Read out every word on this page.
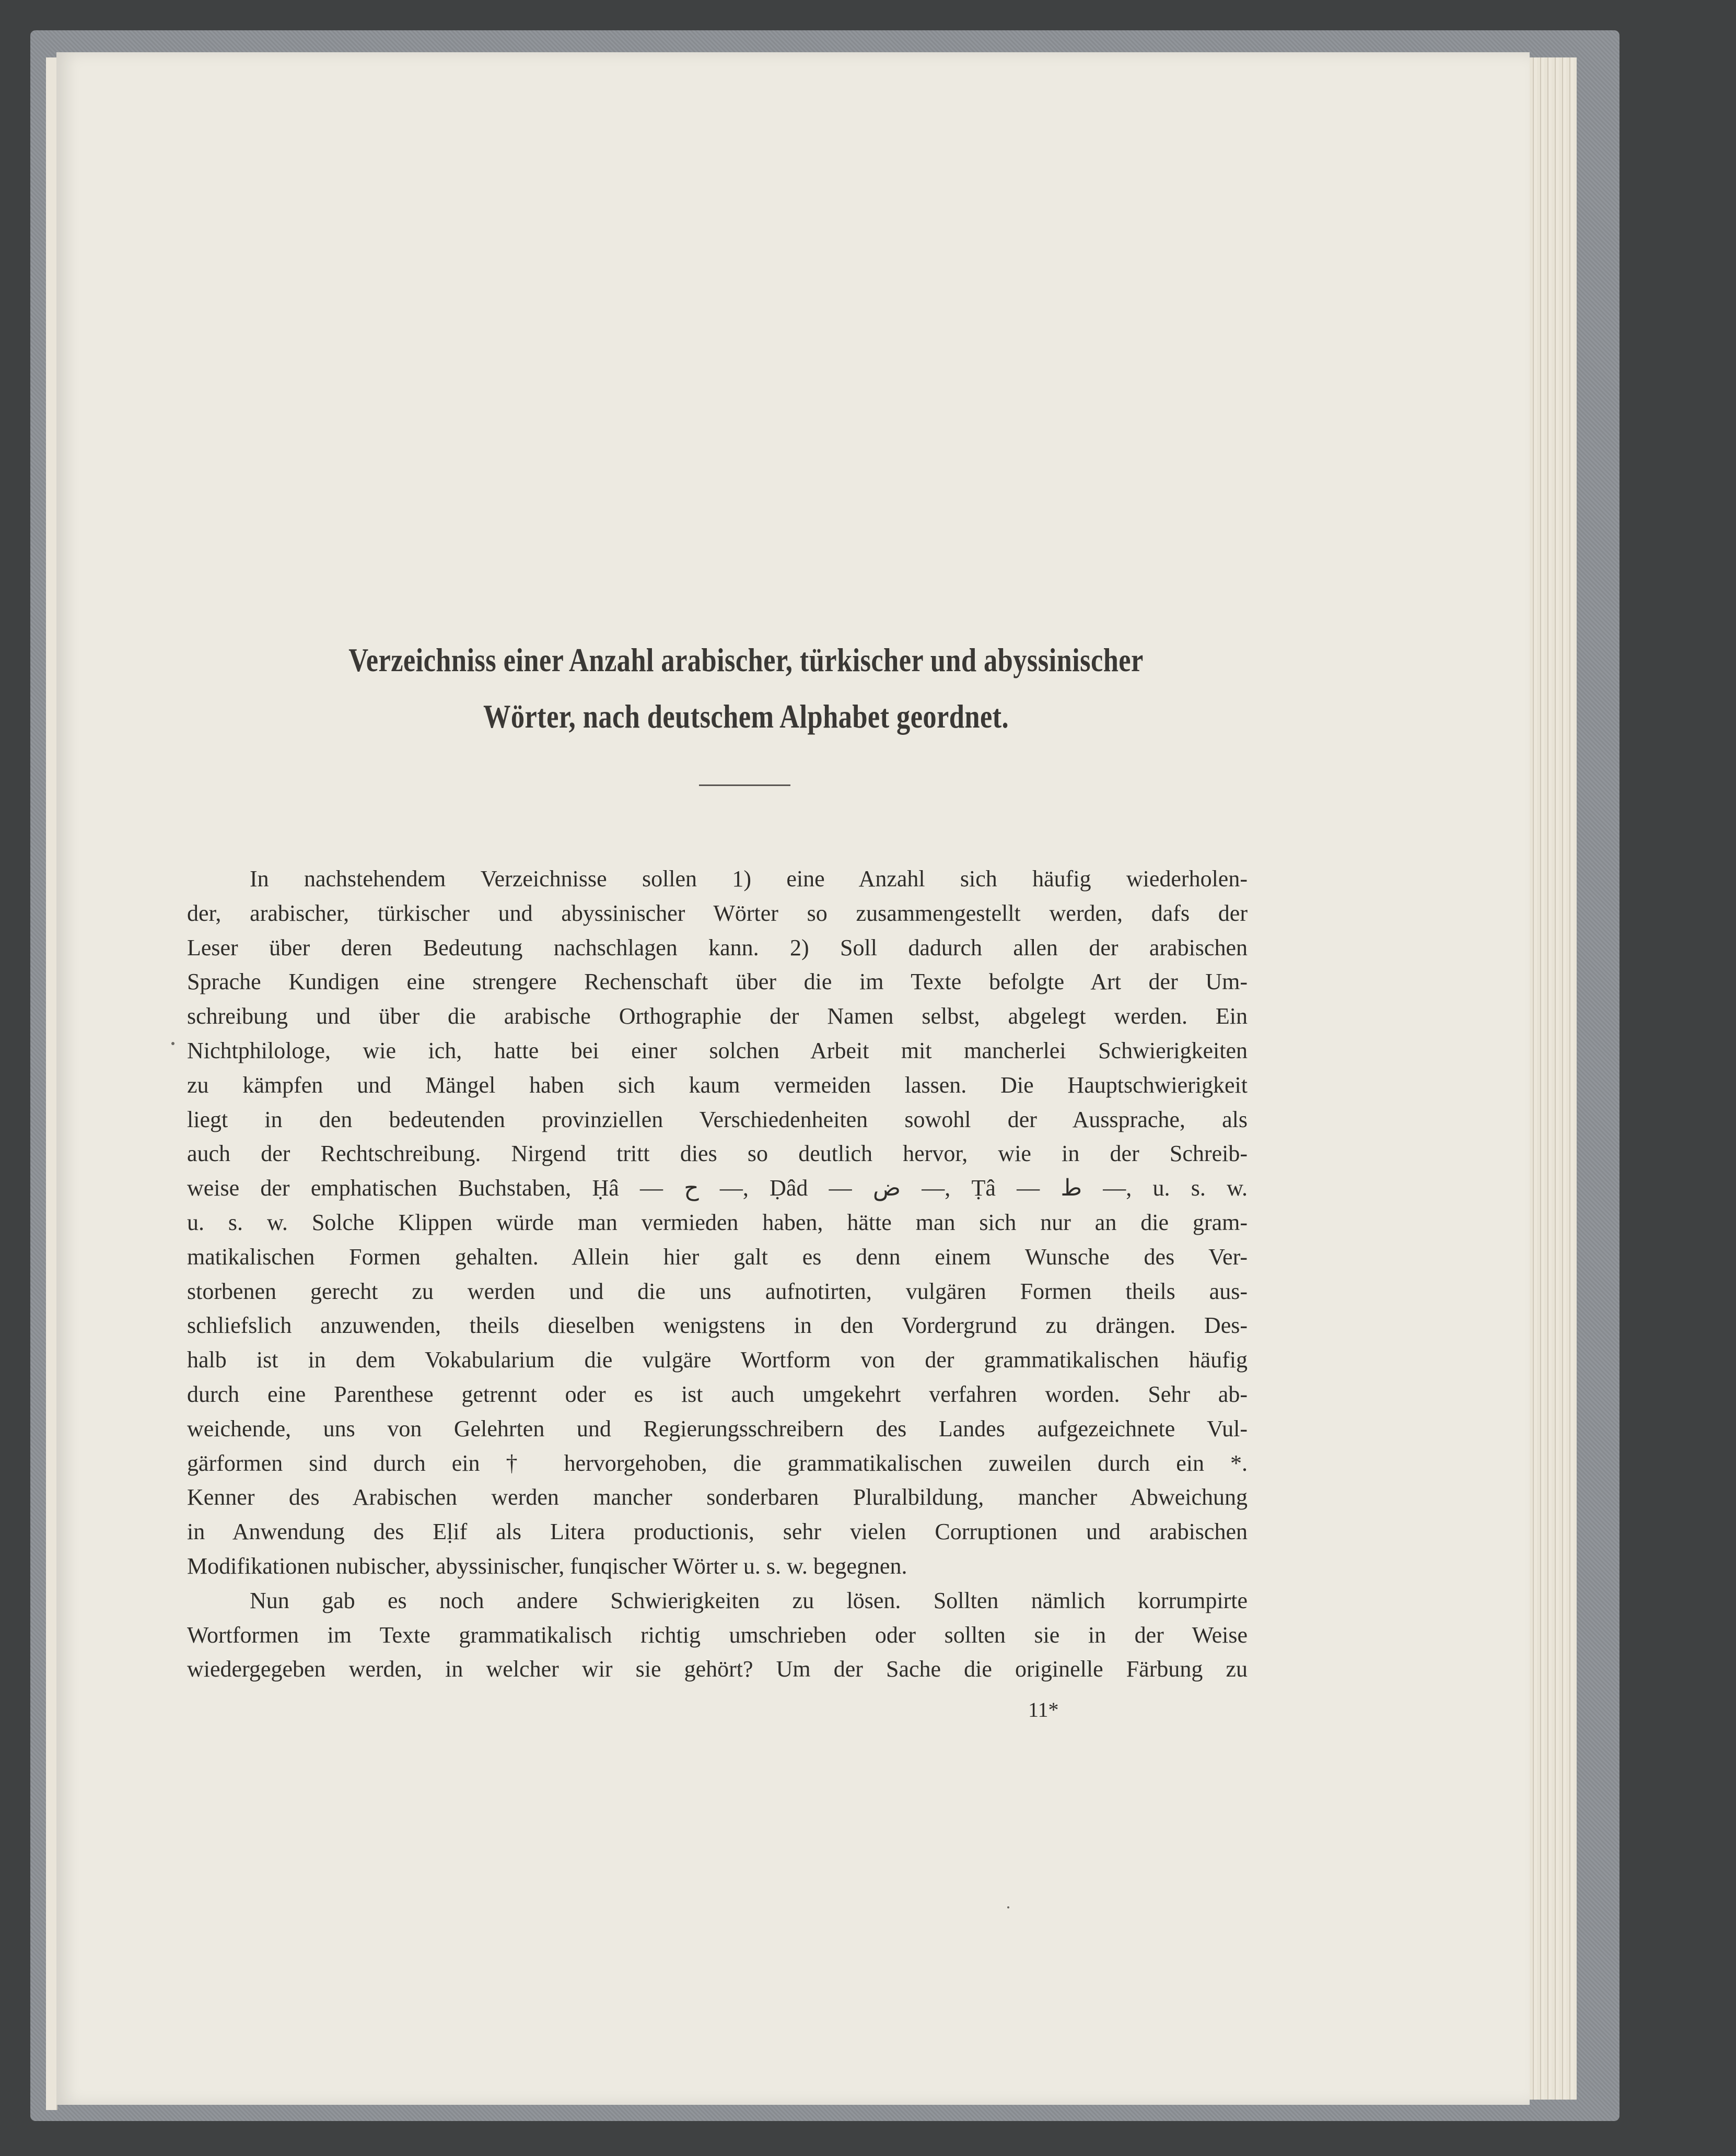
Verzeichniss einer Anzahl arabischer, türkischer und abyssinischer
Wörter, nach deutschem Alphabet geordnet.
In nachstehendem Verzeichnisse sollen 1) eine Anzahl sich häufig wiederholen-
der, arabischer, türkischer und abyssinischer Wörter so zusammengestellt werden, dafs der
Leser über deren Bedeutung nachschlagen kann. 2) Soll dadurch allen der arabischen
Sprache Kundigen eine strengere Rechenschaft über die im Texte befolgte Art der Um-
schreibung und über die arabische Orthographie der Namen selbst, abgelegt werden. Ein
Nichtphilologe, wie ich, hatte bei einer solchen Arbeit mit mancherlei Schwierigkeiten
zu kämpfen und Mängel haben sich kaum vermeiden lassen. Die Hauptschwierigkeit
liegt in den bedeutenden provinziellen Verschiedenheiten sowohl der Aussprache, als
auch der Rechtschreibung. Nirgend tritt dies so deutlich hervor, wie in der Schreib-
weise der emphatischen Buchstaben, Ḥâ — ح —, Ḍâd — ض —, Ṭâ — ط —, u. s. w.
u. s. w. Solche Klippen würde man vermieden haben, hätte man sich nur an die gram-
matikalischen Formen gehalten. Allein hier galt es denn einem Wunsche des Ver-
storbenen gerecht zu werden und die uns aufnotirten, vulgären Formen theils aus-
schliefslich anzuwenden, theils dieselben wenigstens in den Vordergrund zu drängen. Des-
halb ist in dem Vokabularium die vulgäre Wortform von der grammatikalischen häufig
durch eine Parenthese getrennt oder es ist auch umgekehrt verfahren worden. Sehr ab-
weichende, uns von Gelehrten und Regierungsschreibern des Landes aufgezeichnete Vul-
gärformen sind durch ein † hervorgehoben, die grammatikalischen zuweilen durch ein *.
Kenner des Arabischen werden mancher sonderbaren Pluralbildung, mancher Abweichung
in Anwendung des Eḷif als Litera productionis, sehr vielen Corruptionen und arabischen
Modifikationen nubischer, abyssinischer, funqischer Wörter u. s. w. begegnen.
Nun gab es noch andere Schwierigkeiten zu lösen. Sollten nämlich korrumpirte
Wortformen im Texte grammatikalisch richtig umschrieben oder sollten sie in der Weise
wiedergegeben werden, in welcher wir sie gehört? Um der Sache die originelle Färbung zu
11*
